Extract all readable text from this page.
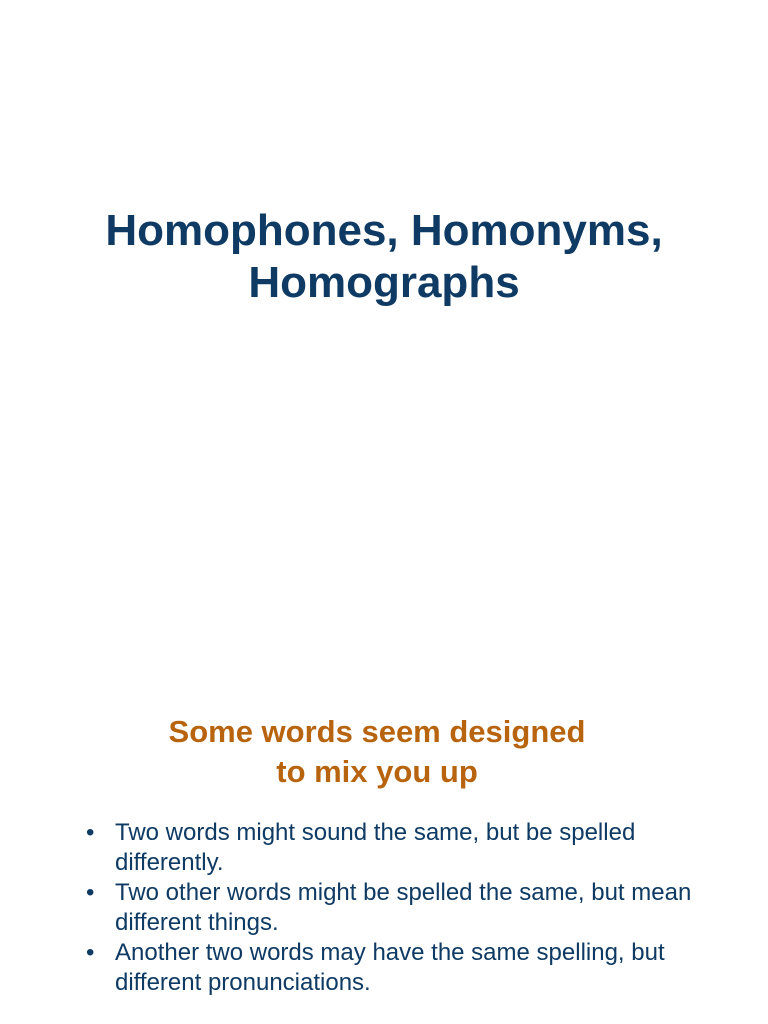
Homophones, Homonyms,
Homographs
Some words seem designed
to mix you up
• Two words might sound the same, but be spelled differently.
• Two other words might be spelled the same, but mean different things.
• Another two words may have the same spelling, but different pronunciations.
